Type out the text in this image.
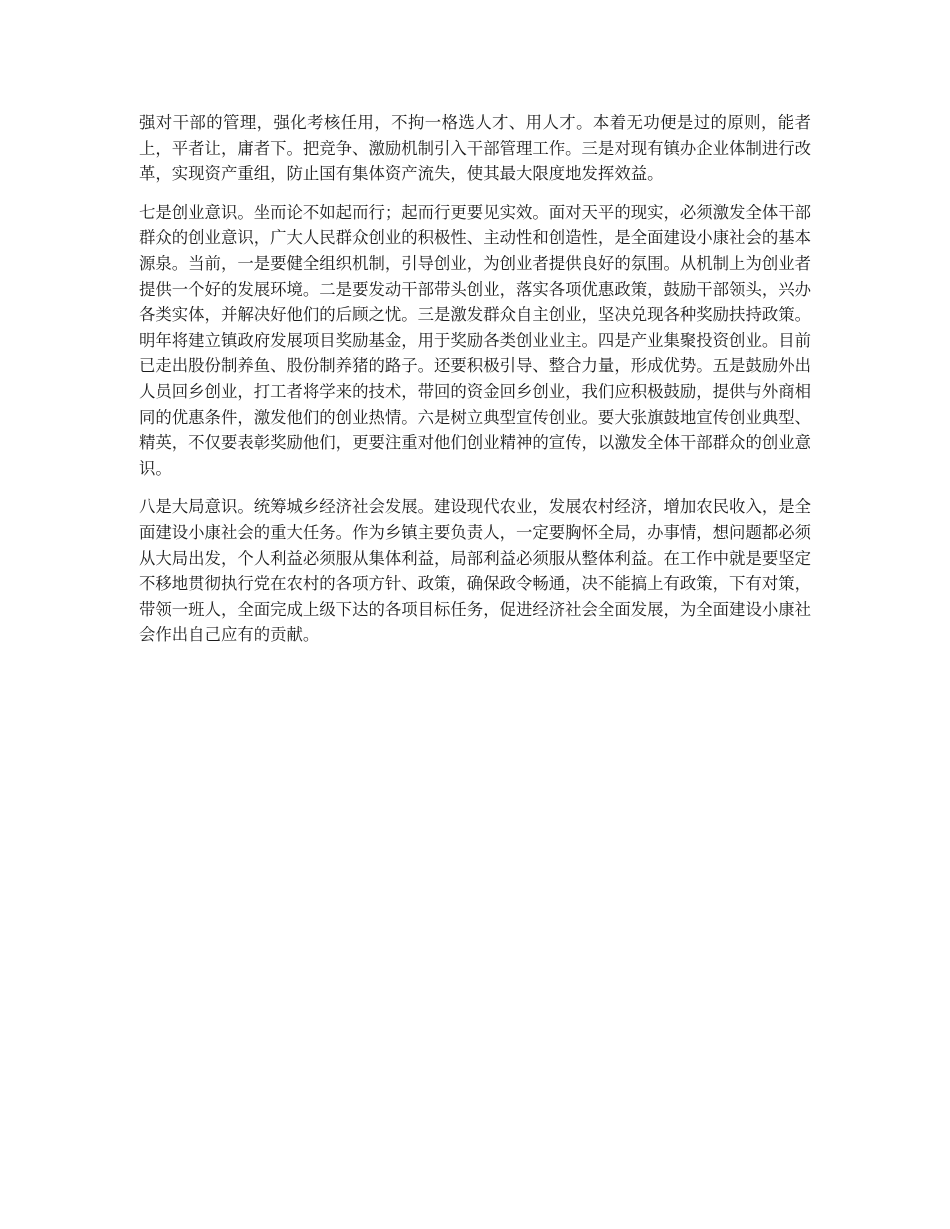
强对干部的管理，强化考核任用，不拘一格选人才、用人才。本着无功便是过的原则，能者上，平者让，庸者下。把竞争、激励机制引入干部管理工作。三是对现有镇办企业体制进行改革，实现资产重组，防止国有集体资产流失，使其最大限度地发挥效益。

七是创业意识。坐而论不如起而行；起而行更要见实效。面对天平的现实，必须激发全体干部群众的创业意识，广大人民群众创业的积极性、主动性和创造性，是全面建设小康社会的基本源泉。当前，一是要健全组织机制，引导创业，为创业者提供良好的氛围。从机制上为创业者提供一个好的发展环境。二是要发动干部带头创业，落实各项优惠政策，鼓励干部领头，兴办各类实体，并解决好他们的后顾之忧。三是激发群众自主创业，坚决兑现各种奖励扶持政策。明年将建立镇政府发展项目奖励基金，用于奖励各类创业业主。四是产业集聚投资创业。目前已走出股份制养鱼、股份制养猪的路子。还要积极引导、整合力量，形成优势。五是鼓励外出人员回乡创业，打工者将学来的技术，带回的资金回乡创业，我们应积极鼓励，提供与外商相同的优惠条件，激发他们的创业热情。六是树立典型宣传创业。要大张旗鼓地宣传创业典型、精英，不仅要表彰奖励他们，更要注重对他们创业精神的宣传，以激发全体干部群众的创业意识。

八是大局意识。统筹城乡经济社会发展。建设现代农业，发展农村经济，增加农民收入，是全面建设小康社会的重大任务。作为乡镇主要负责人，一定要胸怀全局，办事情，想问题都必须从大局出发，个人利益必须服从集体利益，局部利益必须服从整体利益。在工作中就是要坚定不移地贯彻执行党在农村的各项方针、政策，确保政令畅通，决不能搞上有政策，下有对策，带领一班人，全面完成上级下达的各项目标任务，促进经济社会全面发展，为全面建设小康社会作出自己应有的贡献。
